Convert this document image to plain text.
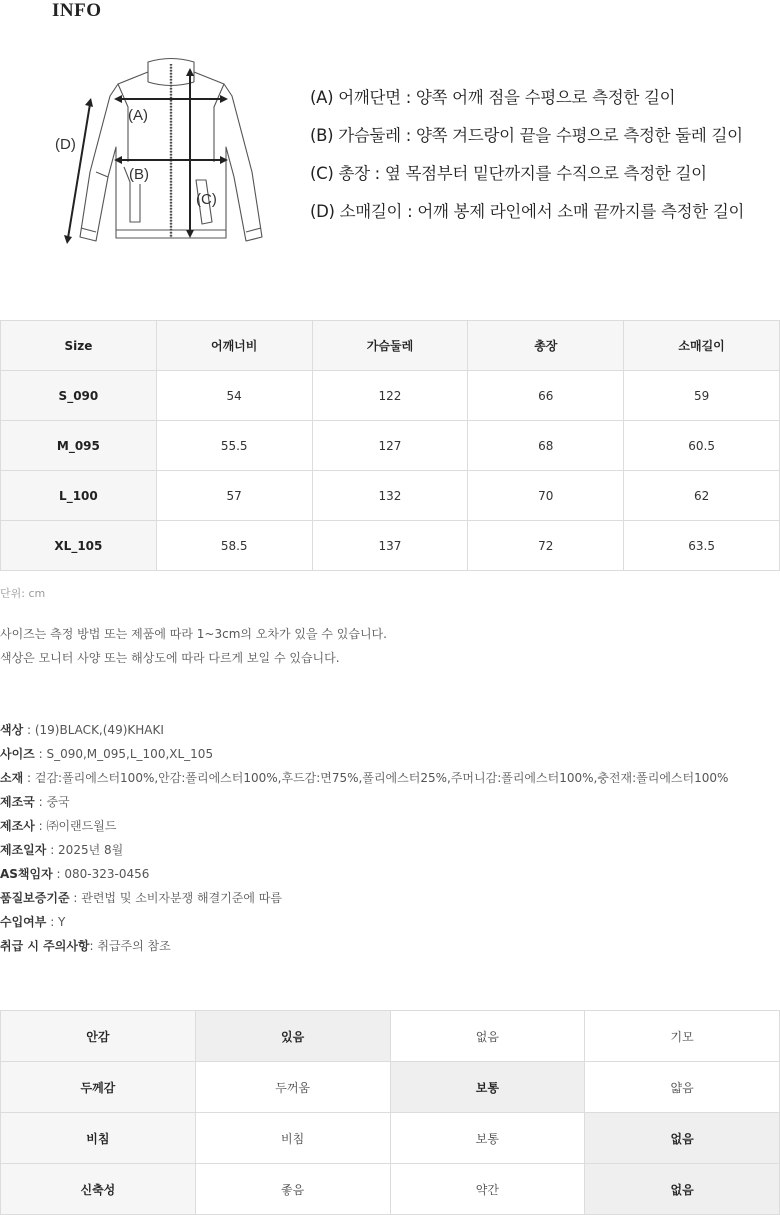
INFO
(A)
(B)
(C)
(D)
(A) 어깨단면 : 양쪽 어깨 점을 수평으로 측정한 길이
(B) 가슴둘레 : 양쪽 겨드랑이 끝을 수평으로 측정한 둘레 길이
(C) 총장 : 옆 목점부터 밑단까지를 수직으로 측정한 길이
(D) 소매길이 : 어깨 봉제 라인에서 소매 끝까지를 측정한 길이
Size	어깨너비	가슴둘레	총장	소매길이
S_090	54	122	66	59
M_095	55.5	127	68	60.5
L_100	57	132	70	62
XL_105	58.5	137	72	63.5

단위: cm

사이즈는 측정 방법 또는 제품에 따라 1~3cm의 오차가 있을 수 있습니다.
색상은 모니터 사양 또는 해상도에 따라 다르게 보일 수 있습니다.
색상 : (19)BLACK,(49)KHAKI
사이즈 : S_090,M_095,L_100,XL_105
소재 : 겉감:폴리에스터100%,안감:폴리에스터100%,후드감:면75%,폴리에스터25%,주머니감:폴리에스터100%,충전재:폴리에스터100%
제조국 : 중국
제조사 : ㈜이랜드월드
제조일자 : 2025년 8월
AS책임자 : 080-323-0456
품질보증기준 : 관련법 및 소비자분쟁 해결기준에 따름
수입여부 : Y
취급 시 주의사항: 취급주의 참조
안감	있음	없음	기모
두께감	두꺼움	보통	얇음
비침	비침	보통	없음
신축성	좋음	약간	없음
